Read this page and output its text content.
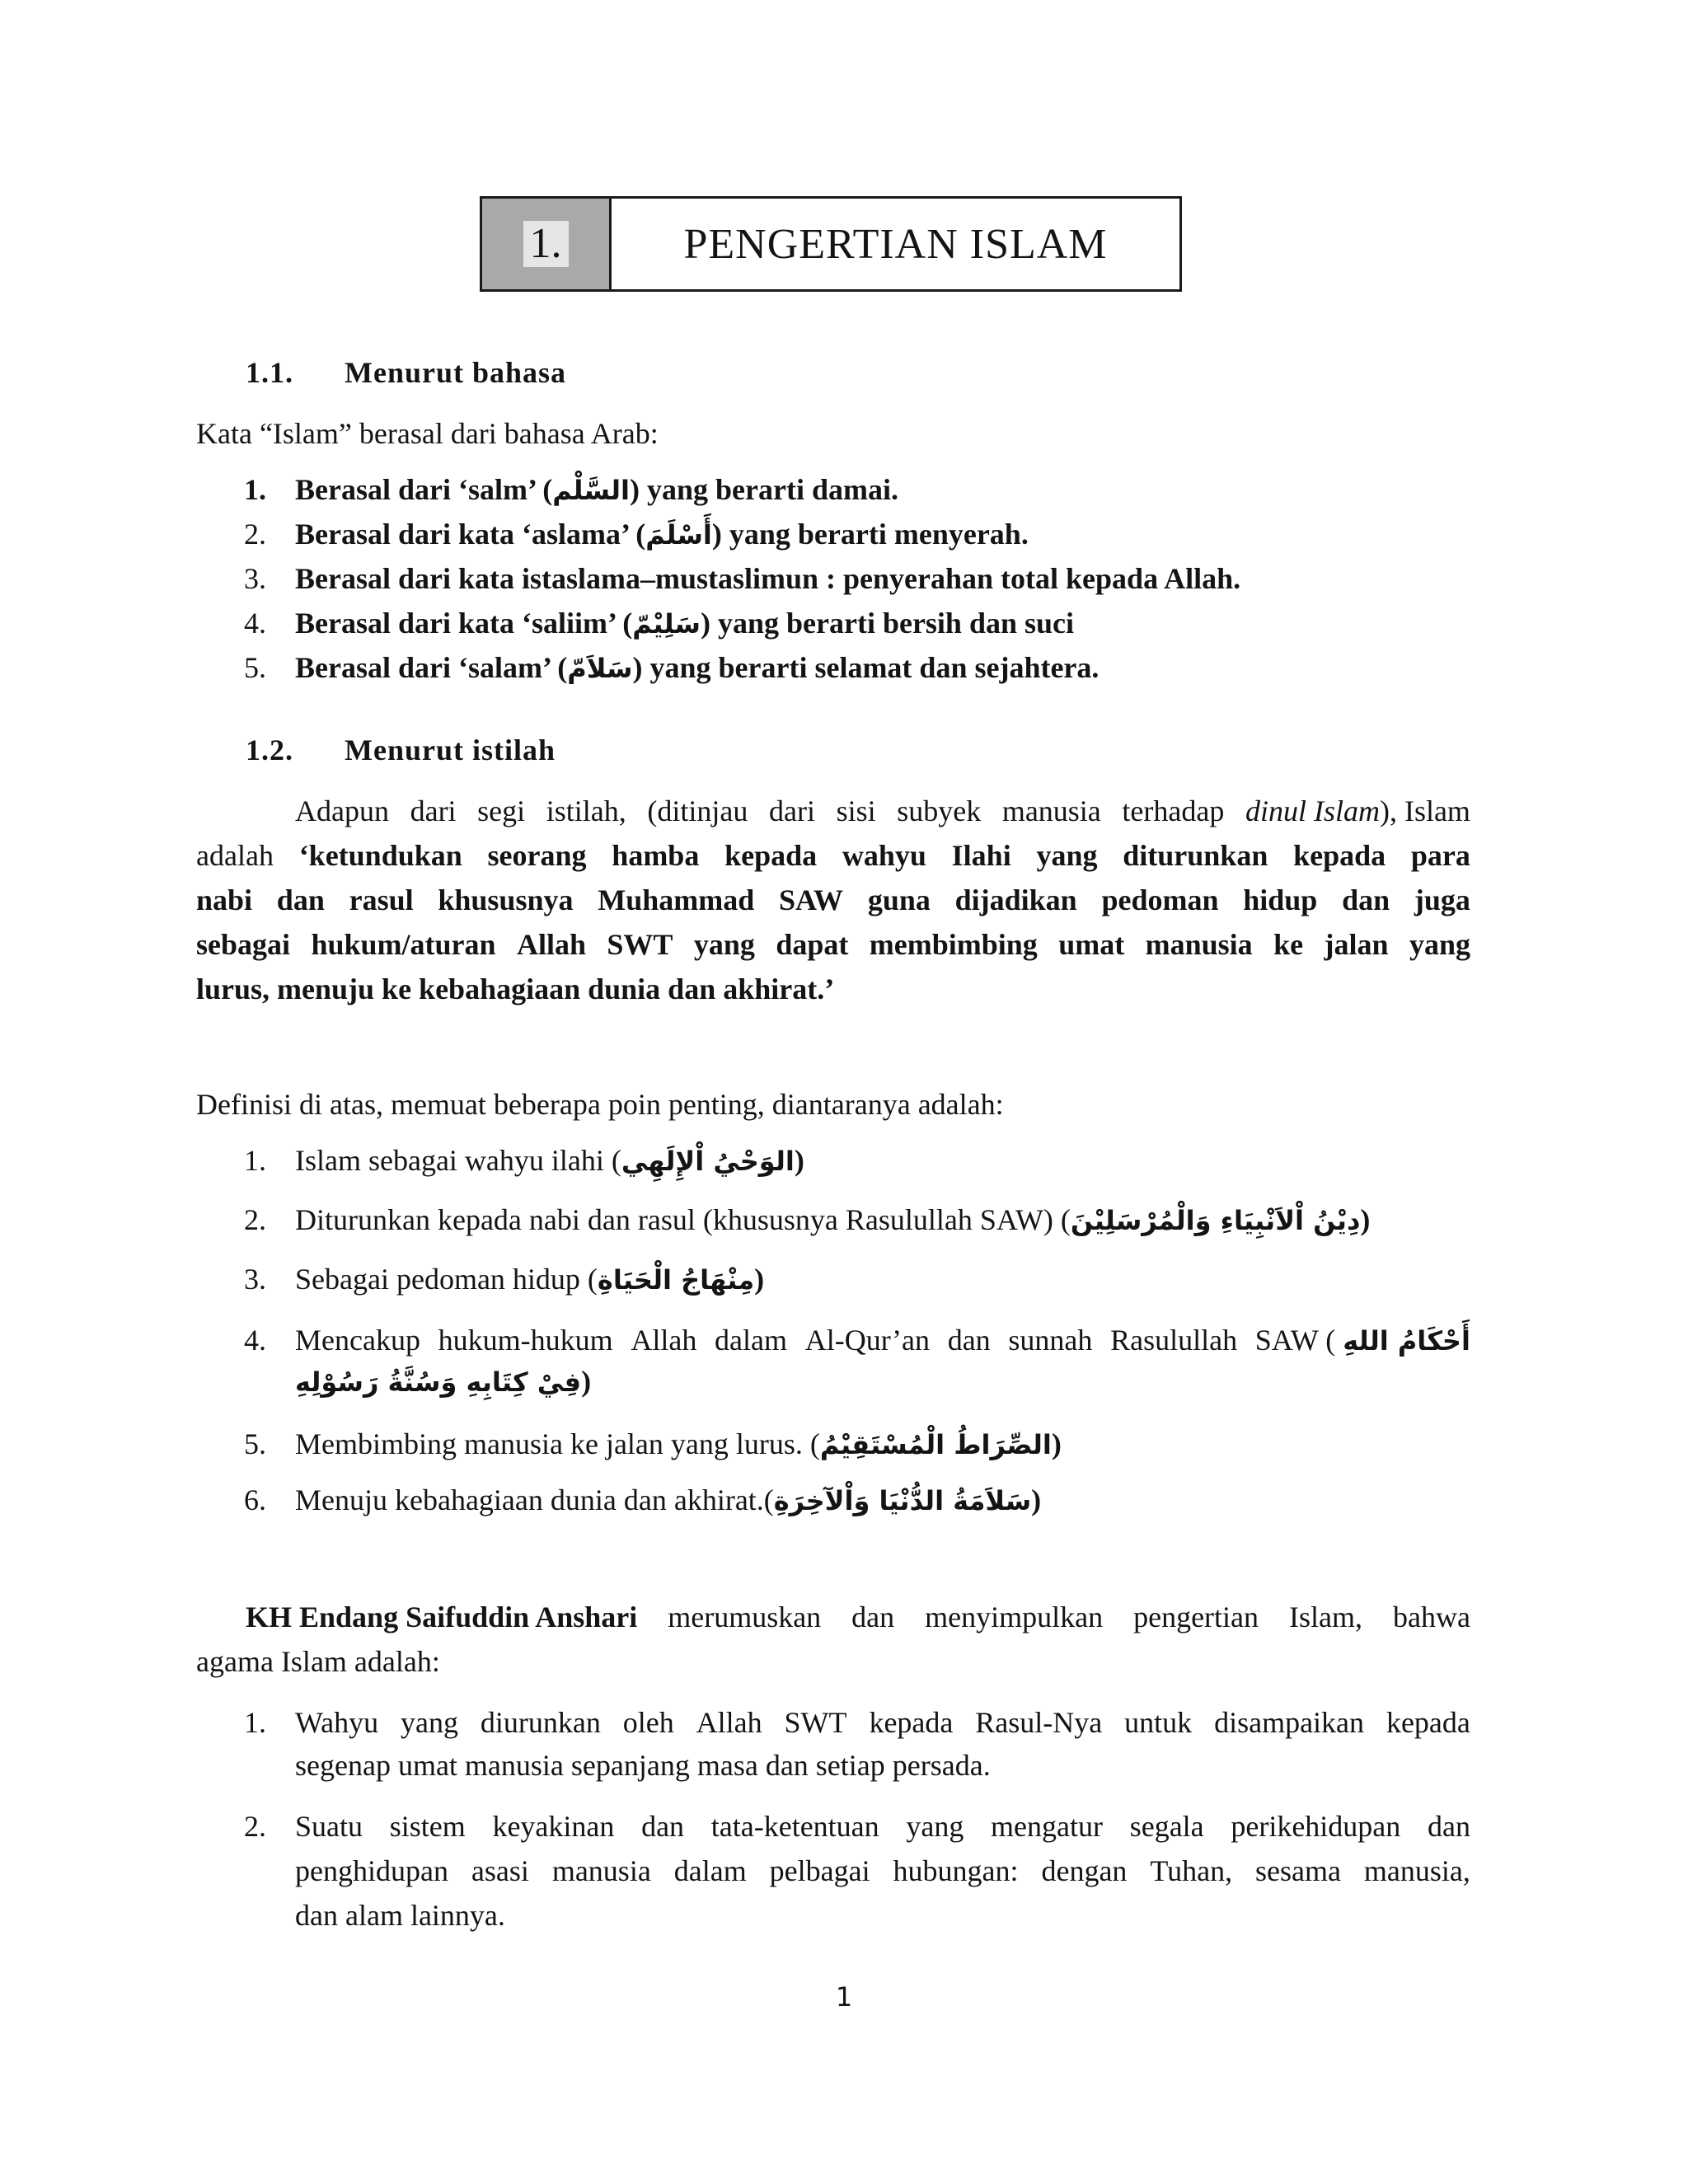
1.	PENGERTIAN ISLAM
1.1. Menurut bahasa
Kata “Islam” berasal dari bahasa Arab:
1. Berasal dari ‘salm’ (السَّلْم) yang berarti damai.
2. Berasal dari kata ‘aslama’ (أَسْلَمَ) yang berarti menyerah.
3. Berasal dari kata istaslama–mustaslimun : penyerahan total kepada Allah.
4. Berasal dari kata ‘saliim’ (سَلِيْمّ) yang berarti bersih dan suci
5. Berasal dari ‘salam’ (سَلاَمّ) yang berarti selamat dan sejahtera.
1.2. Menurut istilah
Adapun dari segi istilah, (ditinjau dari sisi subyek manusia terhadap dinul Islam), Islam
adalah ‘ketundukan seorang hamba kepada wahyu Ilahi yang diturunkan kepada para
nabi dan rasul khususnya Muhammad SAW guna dijadikan pedoman hidup dan juga
sebagai hukum/aturan Allah SWT yang dapat membimbing umat manusia ke jalan yang
lurus, menuju ke kebahagiaan dunia dan akhirat.’
Definisi di atas, memuat beberapa poin penting, diantaranya adalah:
1. Islam sebagai wahyu ilahi (الوَحْيُ اْلإِلَهِي)
2. Diturunkan kepada nabi dan rasul (khususnya Rasulullah SAW) (دِيْنُ اْلاَنْبِيَاءِ وَالْمُرْسَلِيْنَ)
3. Sebagai pedoman hidup (مِنْهَاجُ الْحَيَاةِ)
4. Mencakup hukum-hukum Allah dalam Al-Qur’an dan sunnah Rasulullah SAW ( أَحْكَامُ اللهِ
فِيْ كِتَابِهِ وَسُنَّةُ رَسُوْلِهِ)
5. Membimbing manusia ke jalan yang lurus. (الصِّرَاطُ الْمُسْتَقِيْمُ)
6. Menuju kebahagiaan dunia dan akhirat.(سَلاَمَةُ الدُّنْيَا وَاْلآخِرَةِ)
KH Endang Saifuddin Anshari merumuskan dan menyimpulkan pengertian Islam, bahwa
agama Islam adalah:
1. Wahyu yang diurunkan oleh Allah SWT kepada Rasul-Nya untuk disampaikan kepada
segenap umat manusia sepanjang masa dan setiap persada.
2. Suatu sistem keyakinan dan tata-ketentuan yang mengatur segala perikehidupan dan
penghidupan asasi manusia dalam pelbagai hubungan: dengan Tuhan, sesama manusia,
dan alam lainnya.
1
